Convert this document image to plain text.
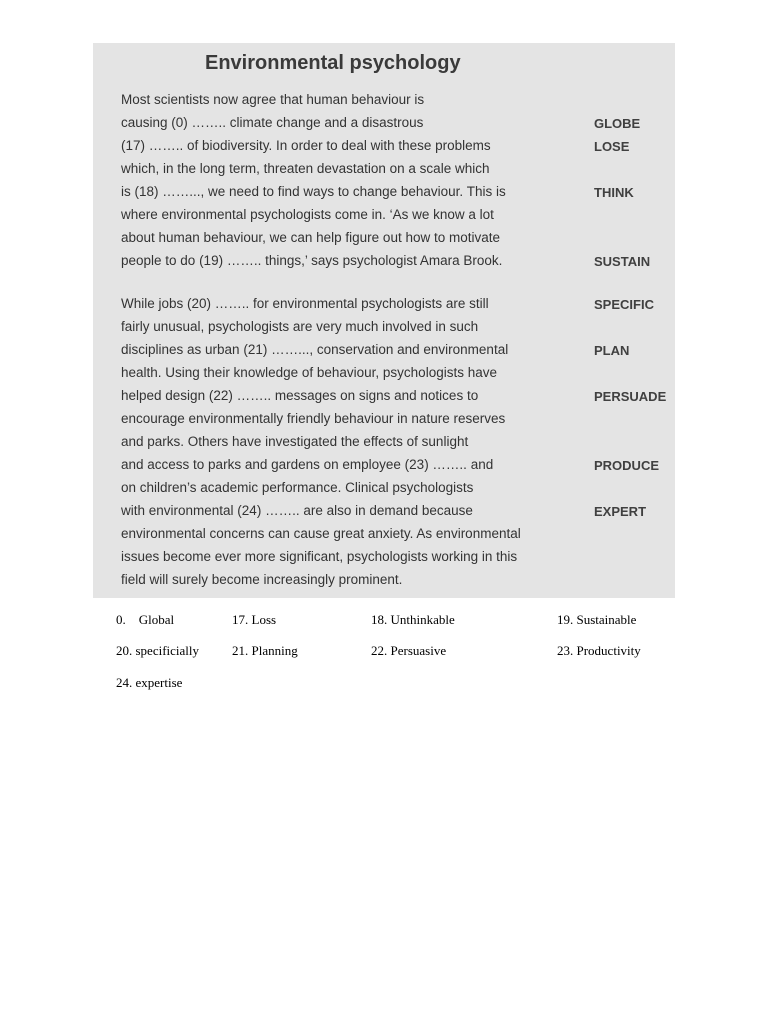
Environmental psychology

Most scientists now agree that human behaviour is

causing (0) …….. climate change and a disastrous

(17) …….. of biodiversity. In order to deal with these problems

which, in the long term, threaten devastation on a scale which

is (18) ……..., we need to find ways to change behaviour. This is

where environmental psychologists come in. ‘As we know a lot

about human behaviour, we can help figure out how to motivate

people to do (19) …….. things,’ says psychologist Amara Brook.

While jobs (20) …….. for environmental psychologists are still

fairly unusual, psychologists are very much involved in such

disciplines as urban (21) ……..., conservation and environmental

health. Using their knowledge of behaviour, psychologists have

helped design (22) …….. messages on signs and notices to

encourage environmentally friendly behaviour in nature reserves

and parks. Others have investigated the effects of sunlight

and access to parks and gardens on employee (23) …….. and

on children’s academic performance. Clinical psychologists

with environmental (24) …….. are also in demand because

environmental concerns can cause great anxiety. As environmental

issues become ever more significant, psychologists working in this

field will surely become increasingly prominent.

GLOBE

LOSE

THINK

SUSTAIN

SPECIFIC

PLAN

PERSUADE

PRODUCE

EXPERT

0.    Global	17. Loss	18. Unthinkable	19. Sustainable

20. specificially	21. Planning	22. Persuasive	23. Productivity

24. expertise
